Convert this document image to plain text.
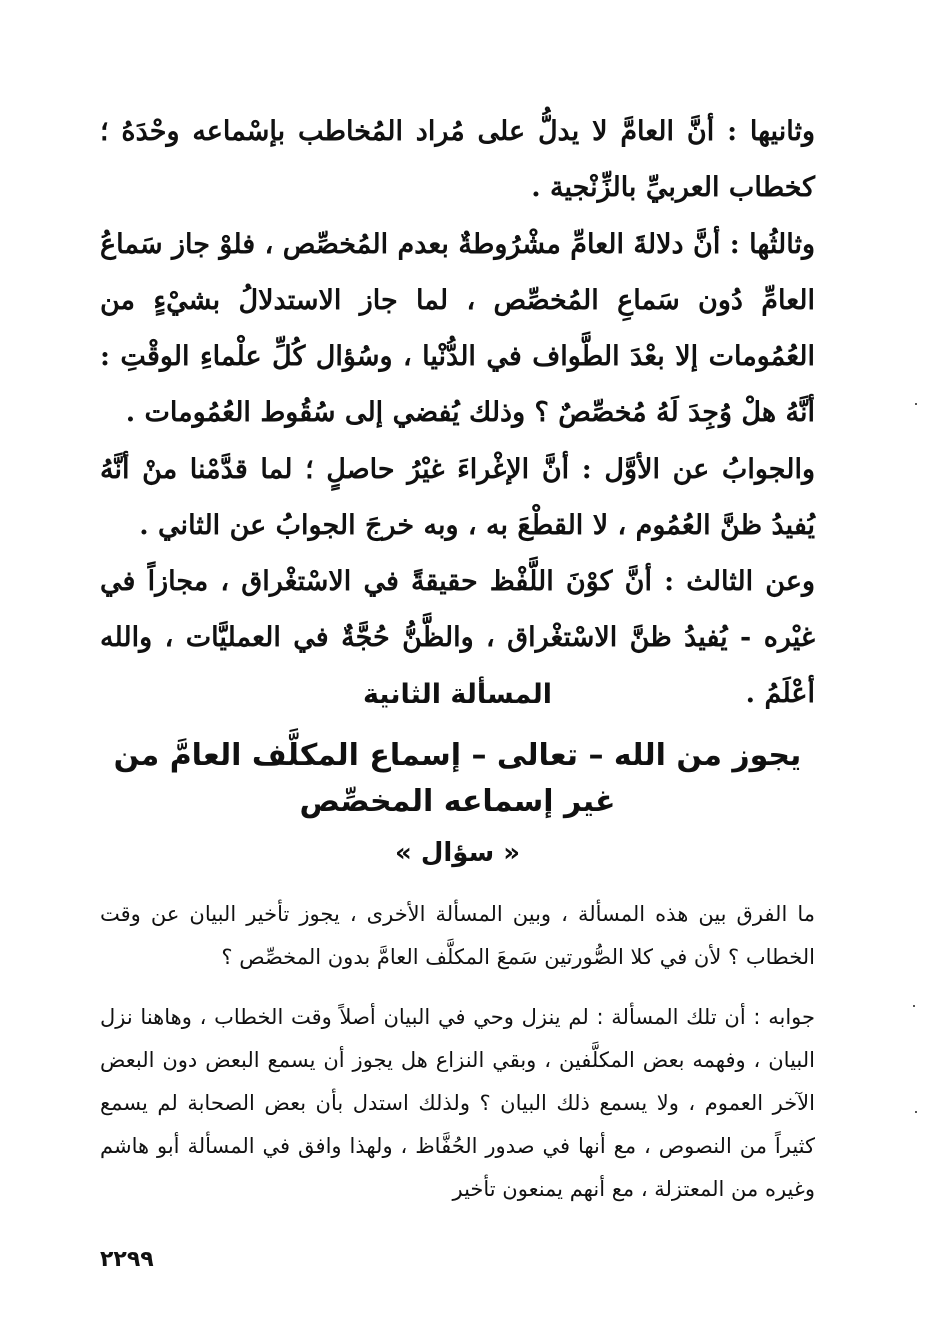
وثانيها : أنَّ العامَّ لا يدلُّ على مُراد المُخاطب بإسْماعه وحْدَهُ ؛ كخطاب العربيِّ بالزِّنْجية .

وثالثُها : أنَّ دلالةَ العامِّ مشْرُوطةٌ بعدم المُخصِّص ، فلوْ جاز سَماعُ العامِّ دُون سَماعِ المُخصِّص ، لما جاز الاستدلالُ بشيْءٍ من العُمُومات إلا بعْدَ الطَّواف في الدُّنْيا ، وسُؤال كُلِّ علْماءِ الوقْتِ : أنَّهُ هلْ وُجِدَ لَهُ مُخصِّصٌ ؟ وذلك يُفضي إلى سُقُوط العُمُومات .

والجوابُ عن الأوَّل : أنَّ الإغْراءَ غيْرُ حاصلٍ ؛ لما قدَّمْنا منْ أنَّهُ يُفيدُ ظنَّ العُمُوم ، لا القطْعَ به ، وبه خرجَ الجوابُ عن الثاني .

وعن الثالث : أنَّ كوْنَ اللَّفْظ حقيقةً في الاسْتغْراق ، مجازاً في غيْره - يُفيدُ ظنَّ الاسْتغْراق ، والظَّنُّ حُجَّةٌ في العمليَّات ، والله أعْلَمُ .

المسألة الثانية
يجوز من الله – تعالى – إسماع المكلَّف العامَّ من غير إسماعه المخصِّص
« سؤال »

ما الفرق بين هذه المسألة ، وبين المسألة الأخرى ، يجوز تأخير البيان عن وقت الخطاب ؟ لأن في كلا الصُّورتين سَمعَ المكلَّف العامَّ بدون المخصِّص ؟

جوابه : أن تلك المسألة : لم ينزل وحي في البيان أصلاً وقت الخطاب ، وهاهنا نزل البيان ، وفهمه بعض المكلَّفين ، وبقي النزاع هل يجوز أن يسمع البعض دون البعض الآخر العموم ، ولا يسمع ذلك البيان ؟ ولذلك استدل بأن بعض الصحابة لم يسمع كثيراً من النصوص ، مع أنها في صدور الحُفَّاظ ، ولهذا وافق في المسألة أبو هاشم وغيره من المعتزلة ، مع أنهم يمنعون تأخير

٢٢٩٩
